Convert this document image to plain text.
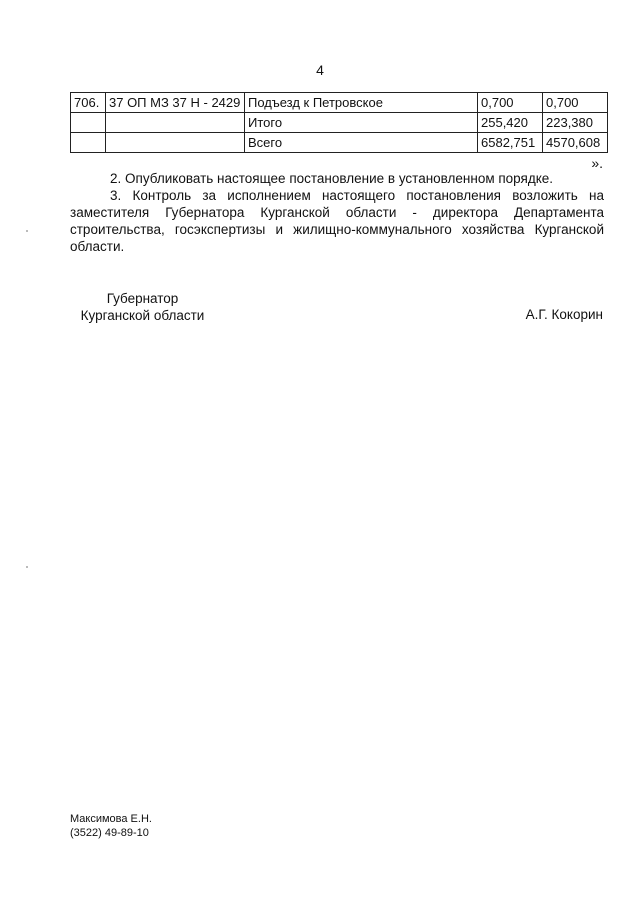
4
706.	37 ОП МЗ 37 Н - 2429	Подъезд к Петровское	0,700	0,700
		Итого	255,420	223,380
		Всего	6582,751	4570,608
».
2. Опубликовать настоящее постановление в установленном порядке.
3. Контроль за исполнением настоящего постановления возложить на заместителя Губернатора Курганской области - директора Департамента строительства, госэкспертизы и жилищно-коммунального хозяйства Курганской области.
Губернатор
Курганской области	А.Г. Кокорин
Максимова Е.Н.
(3522) 49-89-10
